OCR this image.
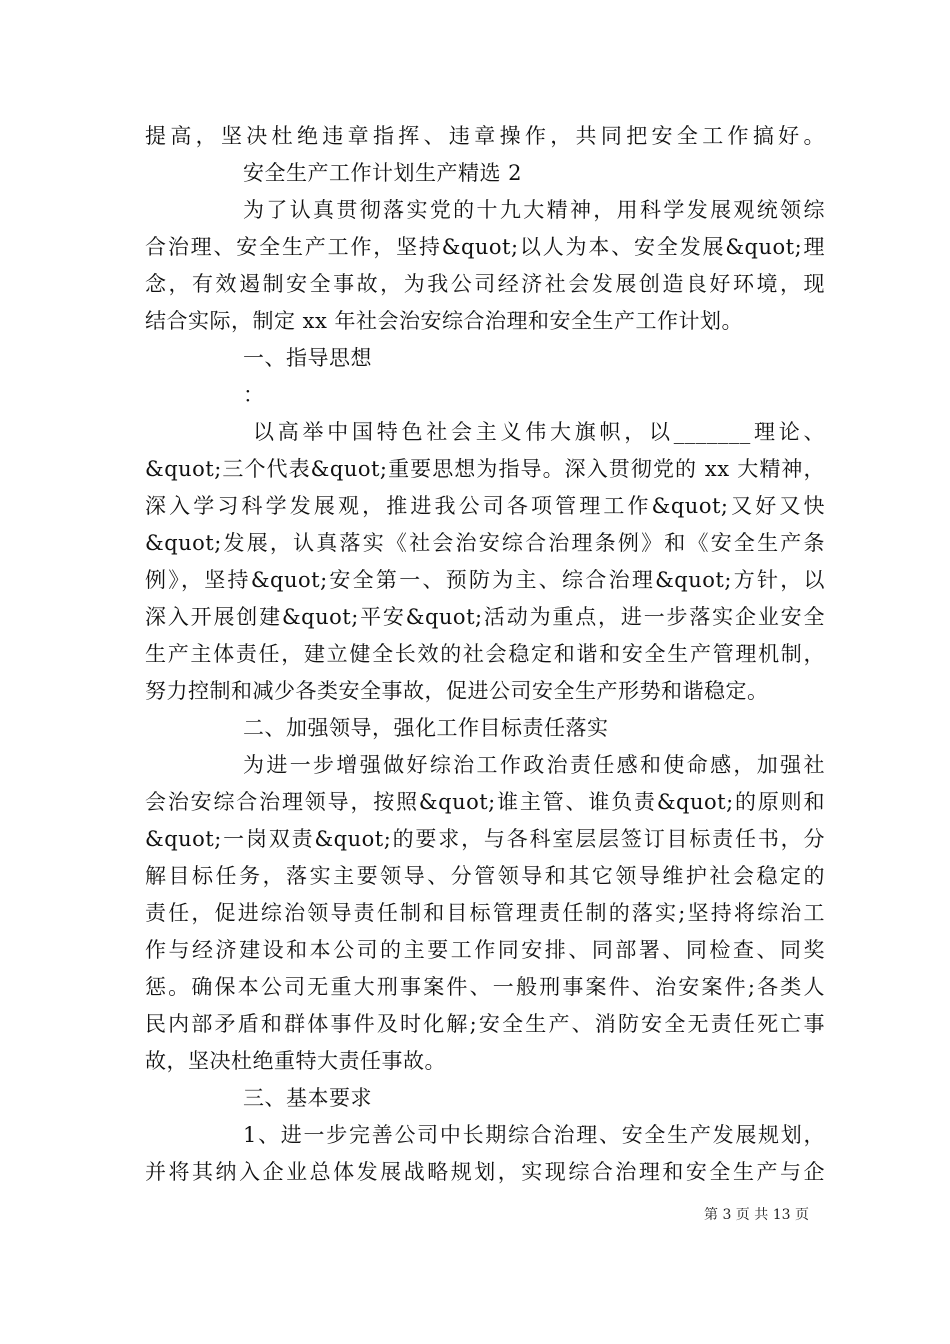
提高，坚决杜绝违章指挥、违章操作，共同把安全工作搞好。
安全生产工作计划生产精选 2
为了认真贯彻落实党的十九大精神，用科学发展观统领综
合治理、安全生产工作，坚持&quot;以人为本、安全发展&quot;理
念，有效遏制安全事故，为我公司经济社会发展创造良好环境，现
结合实际，制定 xx 年社会治安综合治理和安全生产工作计划。
一、指导思想
：
以高举中国特色社会主义伟大旗帜，以_______理论、
&quot;三个代表&quot;重要思想为指导。深入贯彻党的 xx 大精神，
深入学习科学发展观，推进我公司各项管理工作&quot;又好又快
&quot;发展，认真落实《社会治安综合治理条例》和《安全生产条
例》，坚持&quot;安全第一、预防为主、综合治理&quot;方针，以
深入开展创建&quot;平安&quot;活动为重点，进一步落实企业安全
生产主体责任，建立健全长效的社会稳定和谐和安全生产管理机制，
努力控制和减少各类安全事故，促进公司安全生产形势和谐稳定。
二、加强领导，强化工作目标责任落实
为进一步增强做好综治工作政治责任感和使命感，加强社
会治安综合治理领导，按照&quot;谁主管、谁负责&quot;的原则和
&quot;一岗双责&quot;的要求，与各科室层层签订目标责任书，分
解目标任务，落实主要领导、分管领导和其它领导维护社会稳定的
责任，促进综治领导责任制和目标管理责任制的落实;坚持将综治工
作与经济建设和本公司的主要工作同安排、同部署、同检查、同奖
惩。确保本公司无重大刑事案件、一般刑事案件、治安案件;各类人
民内部矛盾和群体事件及时化解;安全生产、消防安全无责任死亡事
故，坚决杜绝重特大责任事故。
三、基本要求
1、进一步完善公司中长期综合治理、安全生产发展规划，
并将其纳入企业总体发展战略规划，实现综合治理和安全生产与企
第 3 页 共 13 页
